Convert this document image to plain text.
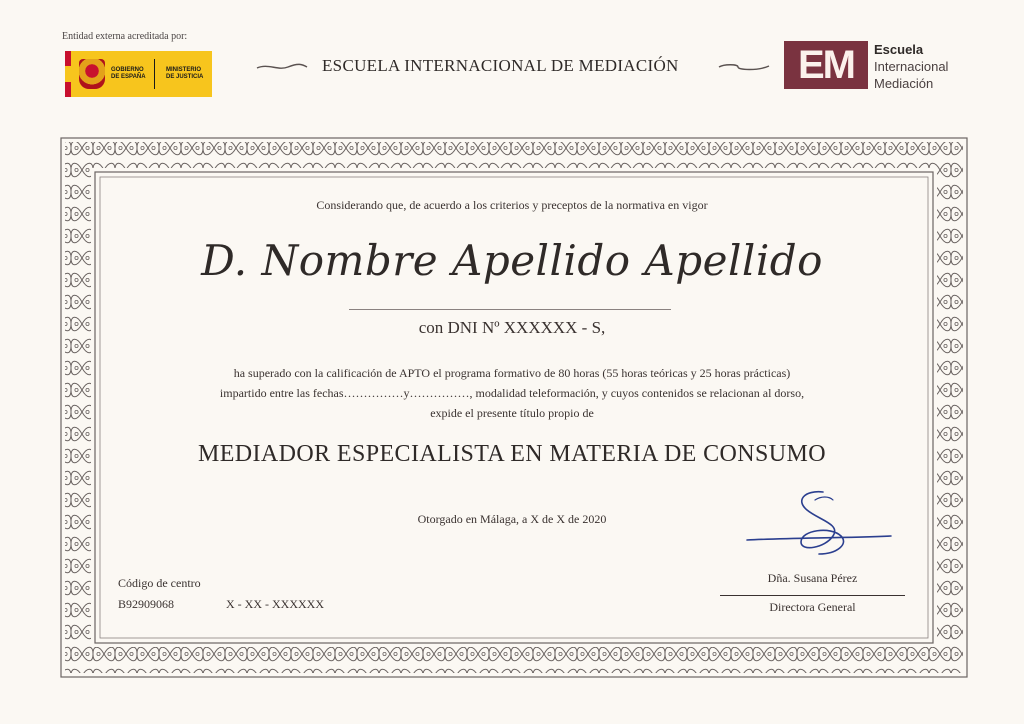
Entidad externa acreditada por:
GOBIERNO
DE ESPAÑA
MINISTERIO
DE JUSTICIA
ESCUELA INTERNACIONAL DE MEDIACIÓN	EM	Escuela
Internacional
Mediación
Considerando que, de acuerdo a los criterios y preceptos de la normativa en vigor
D. Nombre Apellido Apellido
con DNI Nº XXXXXX - S,
ha superado con la calificación de APTO el programa formativo de 80 horas (55 horas teóricas y 25 horas prácticas)
impartido entre las fechas……………y……………, modalidad teleformación, y cuyos contenidos se relacionan al dorso,
expide el presente título propio de
MEDIADOR ESPECIALISTA EN MATERIA DE CONSUMO
Otorgado en Málaga, a X de X de 2020
Código de centro
B92909068	X - XX - XXXXXX
Dña. Susana Pérez
Directora General
